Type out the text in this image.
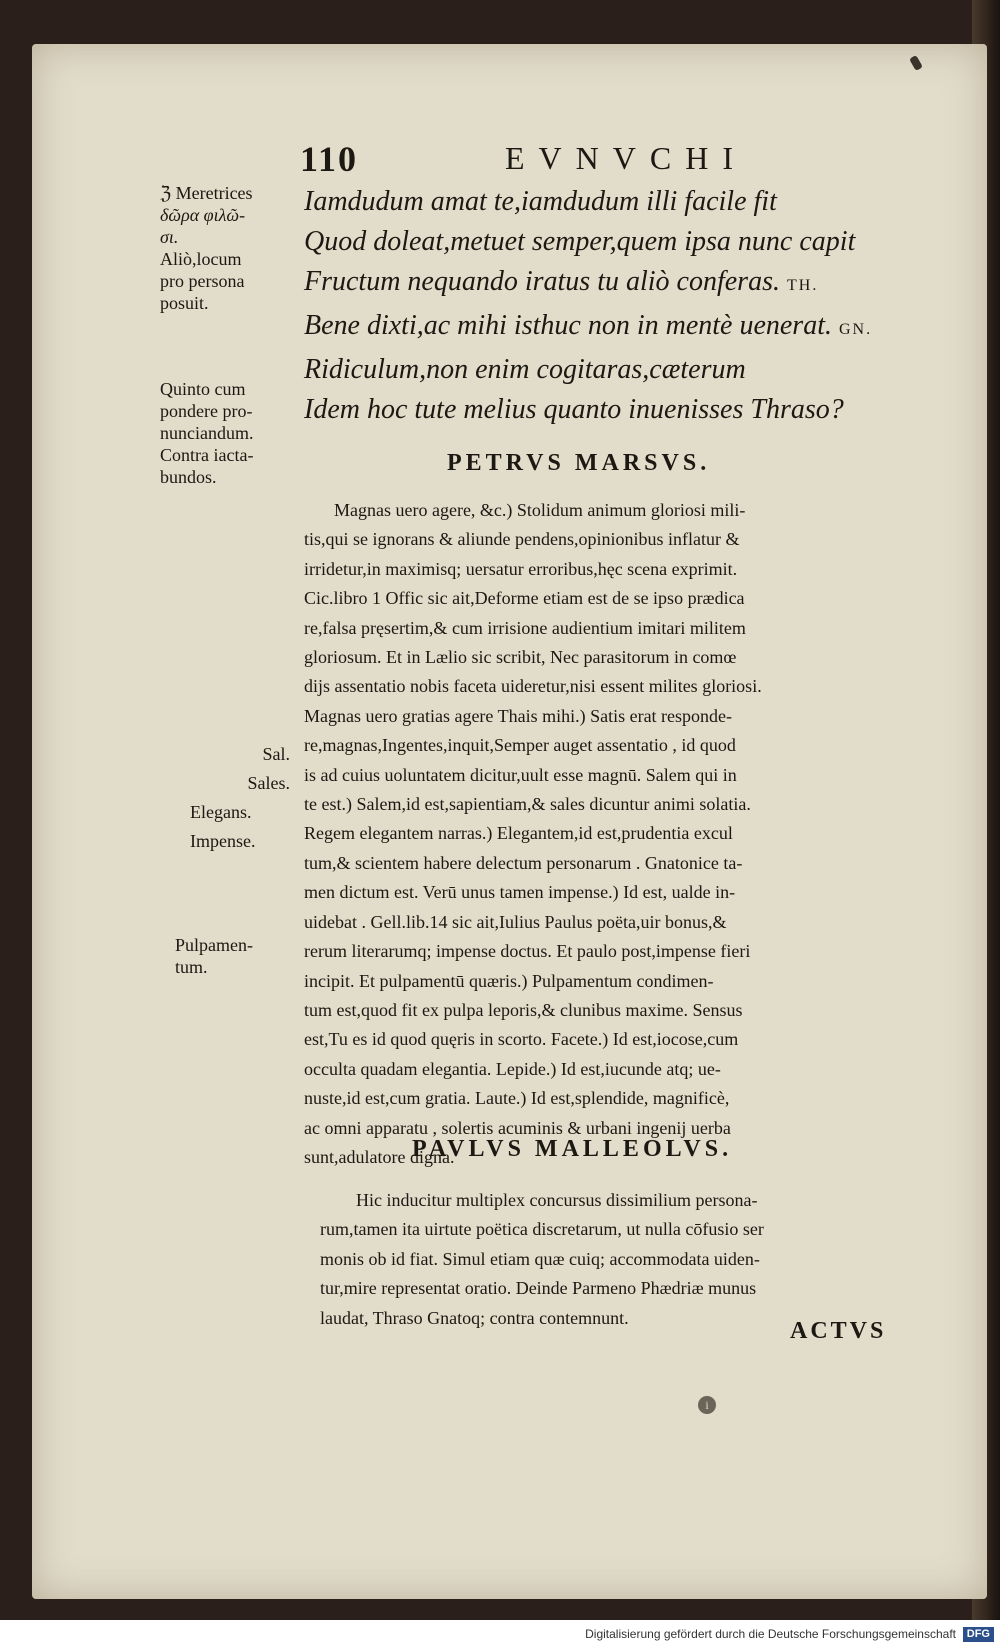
110	EVNVCHI
Iamdudum amat te,iamdudum illi facile fit
Quod doleat,metuet semper,quem ipsa nunc capit
Fructum nequando iratus tu aliò conferas. TH.
Bene dixti,ac mihi isthuc non in mentè uenerat. GN.
Ridiculum,non enim cogitaras,cæterum
Idem hoc tute melius quanto inuenisses Thraso?
ℨ Meretrices
δῶρα φιλῶ-
σι.
Aliò,locum
pro persona
posuit.
Quinto cum
pondere pro-
nunciandum.
Contra iacta-
bundos.
PETRVS MARSVS.
Magnas uero agere, &c.) Stolidum animum gloriosi mili-
tis,qui se ignorans & aliunde pendens,opinionibus inflatur &
irridetur,in maximisq; uersatur erroribus,hęc scena exprimit.
Cic.libro 1 Offic sic ait,Deforme etiam est de se ipso prædica
re,falsa pręsertim,& cum irrisione audientium imitari militem
gloriosum. Et in Lælio sic scribit, Nec parasitorum in comœ
dijs assentatio nobis faceta uideretur,nisi essent milites gloriosi.
Magnas uero gratias agere Thais mihi.) Satis erat responde-
re,magnas,Ingentes,inquit,Semper auget assentatio , id quod
is ad cuius uoluntatem dicitur,uult esse magnū. Salem qui in
te est.) Salem,id est,sapientiam,& sales dicuntur animi solatia.
Regem elegantem narras.) Elegantem,id est,prudentia excul
tum,& scientem habere delectum personarum . Gnatonice ta-
men dictum est. Verū unus tamen impense.) Id est, ualde in-
uidebat . Gell.lib.14 sic ait,Iulius Paulus poëta,uir bonus,&
rerum literarumq; impense doctus. Et paulo post,impense fieri
incipit. Et pulpamentū quæris.) Pulpamentum condimen-
tum est,quod fit ex pulpa leporis,& clunibus maxime. Sensus
est,Tu es id quod quęris in scorto. Facete.) Id est,iocose,cum
occulta quadam elegantia. Lepide.) Id est,iucunde atq; ue-
nuste,id est,cum gratia. Laute.) Id est,splendide, magnificè,
ac omni apparatu , solertis acuminis & urbani ingenij uerba
sunt,adulatore digna.
Sal.
Sales.
Elegans.
Impense.
Pulpamen-
tum.
PAVLVS MALLEOLVS.
Hic inducitur multiplex concursus dissimilium persona-
rum,tamen ita uirtute poëtica discretarum, ut nulla cōfusio ser
monis ob id fiat. Simul etiam quæ cuiq; accommodata uiden-
tur,mire representat oratio. Deinde Parmeno Phædriæ munus
laudat, Thraso Gnatoq; contra contemnunt.
ACTVS
i
Digitalisierung gefördert durch die Deutsche Forschungsgemeinschaft DFG
